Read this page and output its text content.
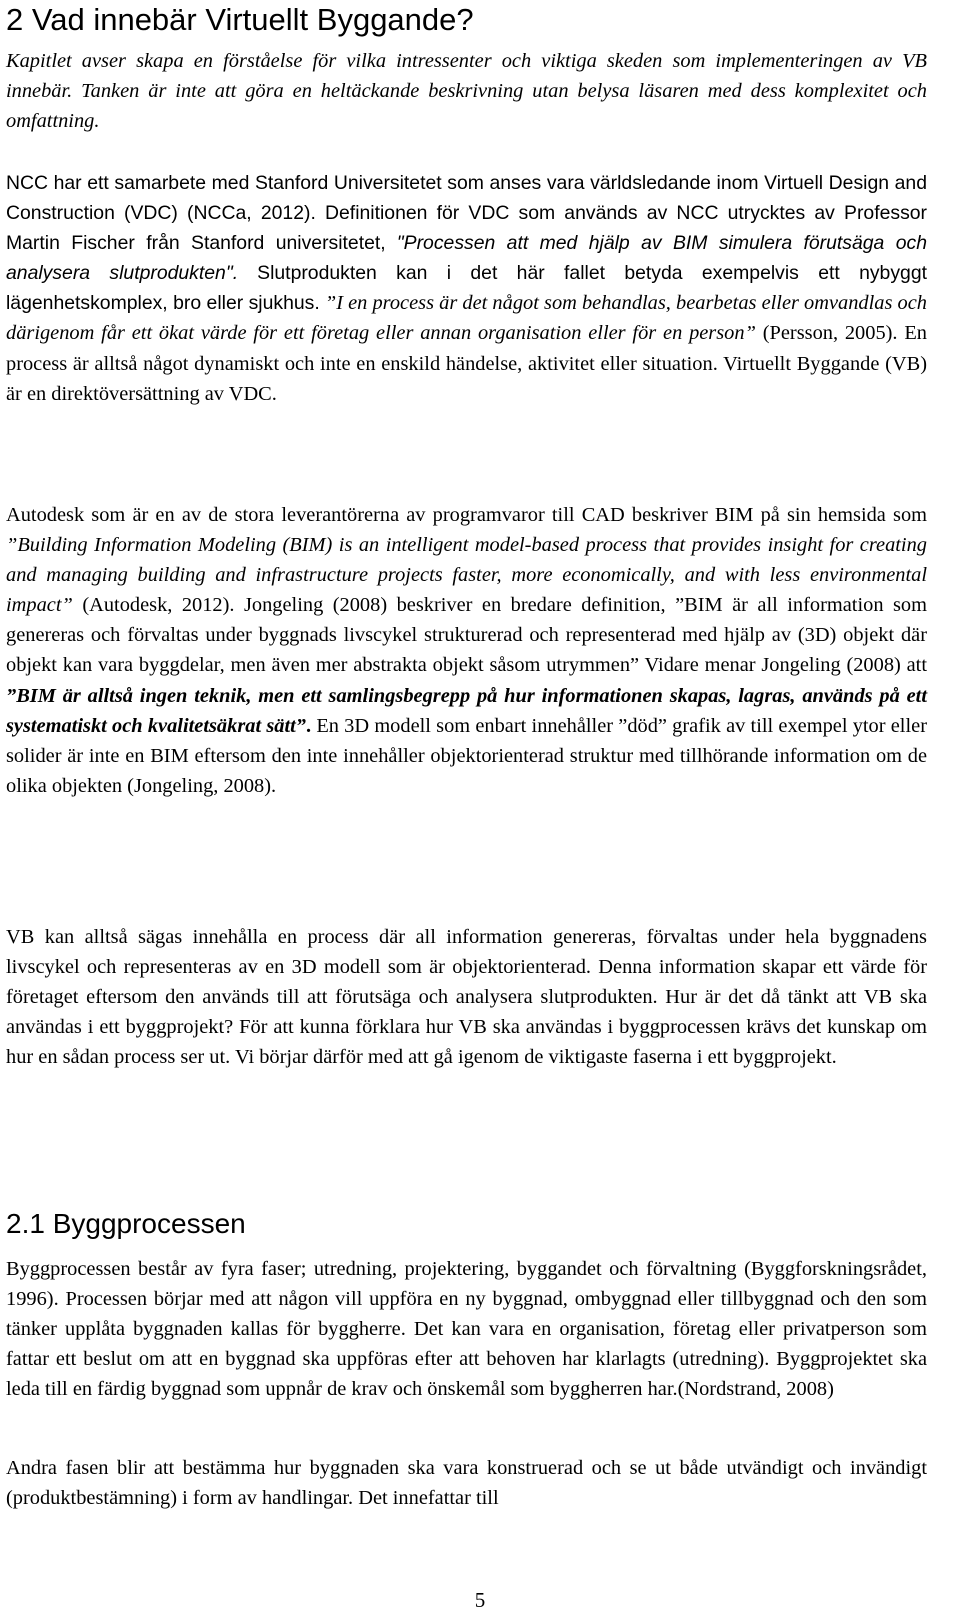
2 Vad innebär Virtuellt Byggande?

Kapitlet avser skapa en förståelse för vilka intressenter och viktiga skeden som implementeringen av VB innebär. Tanken är inte att göra en heltäckande beskrivning utan belysa läsaren med dess komplexitet och omfattning.

NCC har ett samarbete med Stanford Universitetet som anses vara världsledande inom Virtuell Design and Construction (VDC) (NCCa, 2012). Definitionen för VDC som används av NCC utrycktes av Professor Martin Fischer från Stanford universitetet, "Processen att med hjälp av BIM simulera förutsäga och analysera slutprodukten". Slutprodukten kan i det här fallet betyda exempelvis ett nybyggt lägenhetskomplex, bro eller sjukhus. ”I en process är det något som behandlas, bearbetas eller omvandlas och därigenom får ett ökat värde för ett företag eller annan organisation eller för en person” (Persson, 2005). En process är alltså något dynamiskt och inte en enskild händelse, aktivitet eller situation. Virtuellt Byggande (VB) är en direktöversättning av VDC.

Autodesk som är en av de stora leverantörerna av programvaror till CAD beskriver BIM på sin hemsida som ”Building Information Modeling (BIM) is an intelligent model-based process that provides insight for creating and managing building and infrastructure projects faster, more economically, and with less environmental impact” (Autodesk, 2012). Jongeling (2008) beskriver en bredare definition, ”BIM är all information som genereras och förvaltas under byggnads livscykel strukturerad och representerad med hjälp av (3D) objekt där objekt kan vara byggdelar, men även mer abstrakta objekt såsom utrymmen” Vidare menar Jongeling (2008) att ”BIM är alltså ingen teknik, men ett samlingsbegrepp på hur informationen skapas, lagras, används på ett systematiskt och kvalitetsäkrat sätt”. En 3D modell som enbart innehåller ”död” grafik av till exempel ytor eller solider är inte en BIM eftersom den inte innehåller objektorienterad struktur med tillhörande information om de olika objekten (Jongeling, 2008).

VB kan alltså sägas innehålla en process där all information genereras, förvaltas under hela byggnadens livscykel och representeras av en 3D modell som är objektorienterad. Denna information skapar ett värde för företaget eftersom den används till att förutsäga och analysera slutprodukten. Hur är det då tänkt att VB ska användas i ett byggprojekt? För att kunna förklara hur VB ska användas i byggprocessen krävs det kunskap om hur en sådan process ser ut. Vi börjar därför med att gå igenom de viktigaste faserna i ett byggprojekt.

2.1 Byggprocessen

Byggprocessen består av fyra faser; utredning, projektering, byggandet och förvaltning (Byggforskningsrådet, 1996). Processen börjar med att någon vill uppföra en ny byggnad, ombyggnad eller tillbyggnad och den som tänker upplåta byggnaden kallas för byggherre. Det kan vara en organisation, företag eller privatperson som fattar ett beslut om att en byggnad ska uppföras efter att behoven har klarlagts (utredning). Byggprojektet ska leda till en färdig byggnad som uppnår de krav och önskemål som byggherren har.(Nordstrand, 2008)

Andra fasen blir att bestämma hur byggnaden ska vara konstruerad och se ut både utvändigt och invändigt (produktbestämning) i form av handlingar. Det innefattar till

5
